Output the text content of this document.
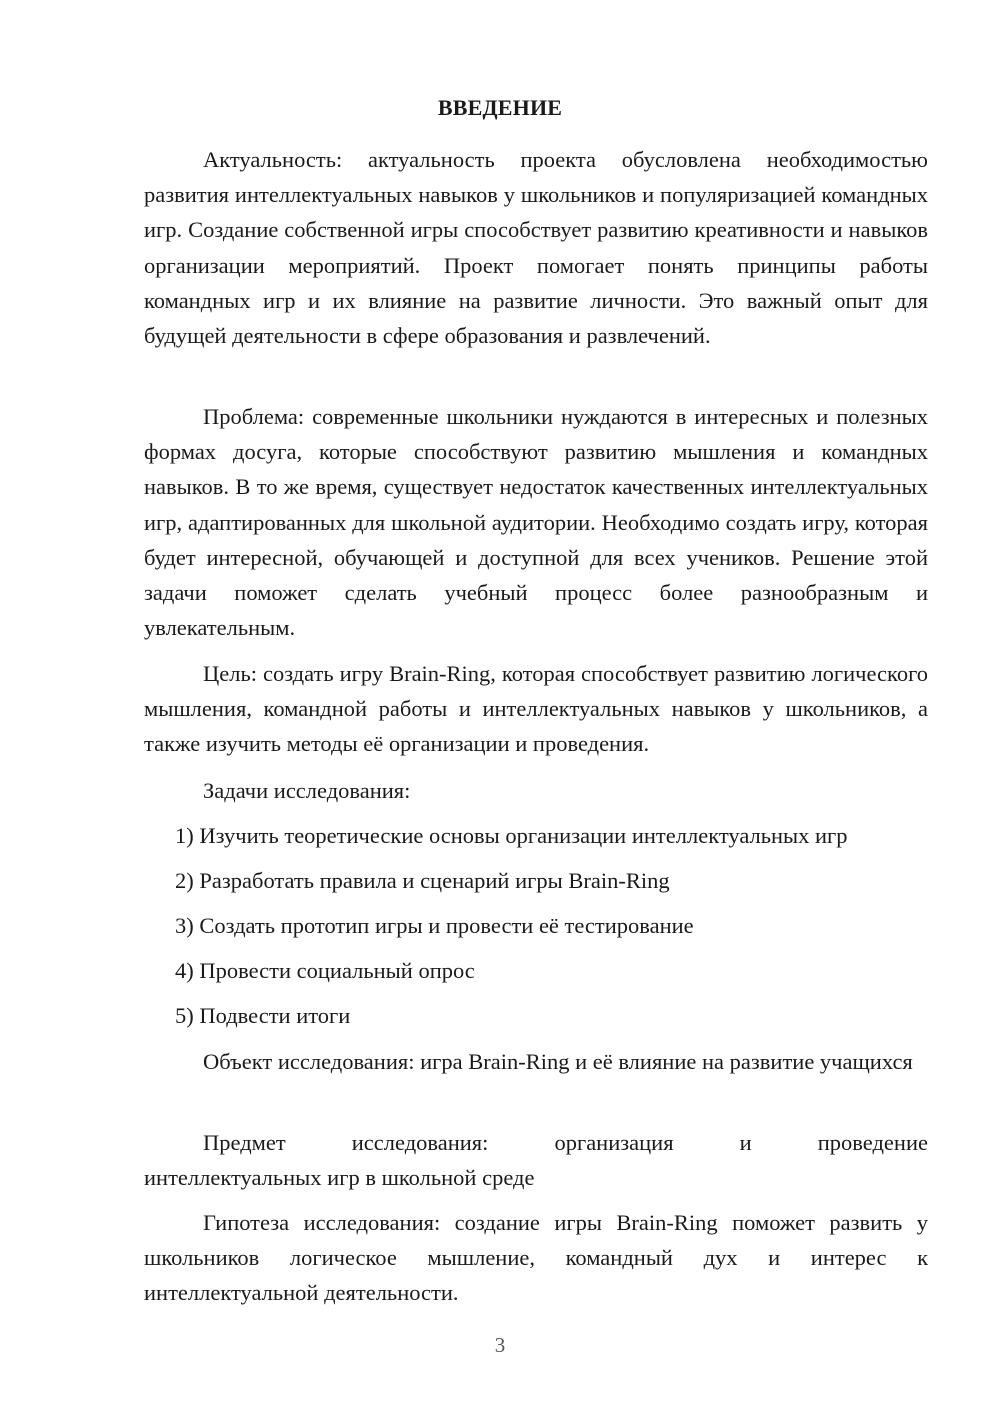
ВВЕДЕНИЕ

Актуальность: актуальность проекта обусловлена необходимостью развития интеллектуальных навыков у школьников и популяризацией командных игр. Создание собственной игры способствует развитию креативности и навыков организации мероприятий. Проект помогает понять принципы работы командных игр и их влияние на развитие личности. Это важный опыт для будущей деятельности в сфере образования и развлечений.

Проблема: современные школьники нуждаются в интересных и полезных формах досуга, которые способствуют развитию мышления и командных навыков. В то же время, существует недостаток качественных интеллектуальных игр, адаптированных для школьной аудитории. Необходимо создать игру, которая будет интересной, обучающей и доступной для всех учеников. Решение этой задачи поможет сделать учебный процесс более разнообразным и увлекательным.

Цель: создать игру Brain-Ring, которая способствует развитию логического мышления, командной работы и интеллектуальных навыков у школьников, а также изучить методы её организации и проведения.

Задачи исследования:
1) Изучить теоретические основы организации интеллектуальных игр
2) Разработать правила и сценарий игры Brain-Ring
3) Создать прототип игры и провести её тестирование
4) Провести социальный опрос
5) Подвести итоги

Объект исследования: игра Brain-Ring и её влияние на развитие учащихся

Предмет исследования: организация и проведение
интеллектуальных игр в школьной среде

Гипотеза исследования: создание игры Brain-Ring поможет развить у школьников логическое мышление, командный дух и интерес к интеллектуальной деятельности.

3
